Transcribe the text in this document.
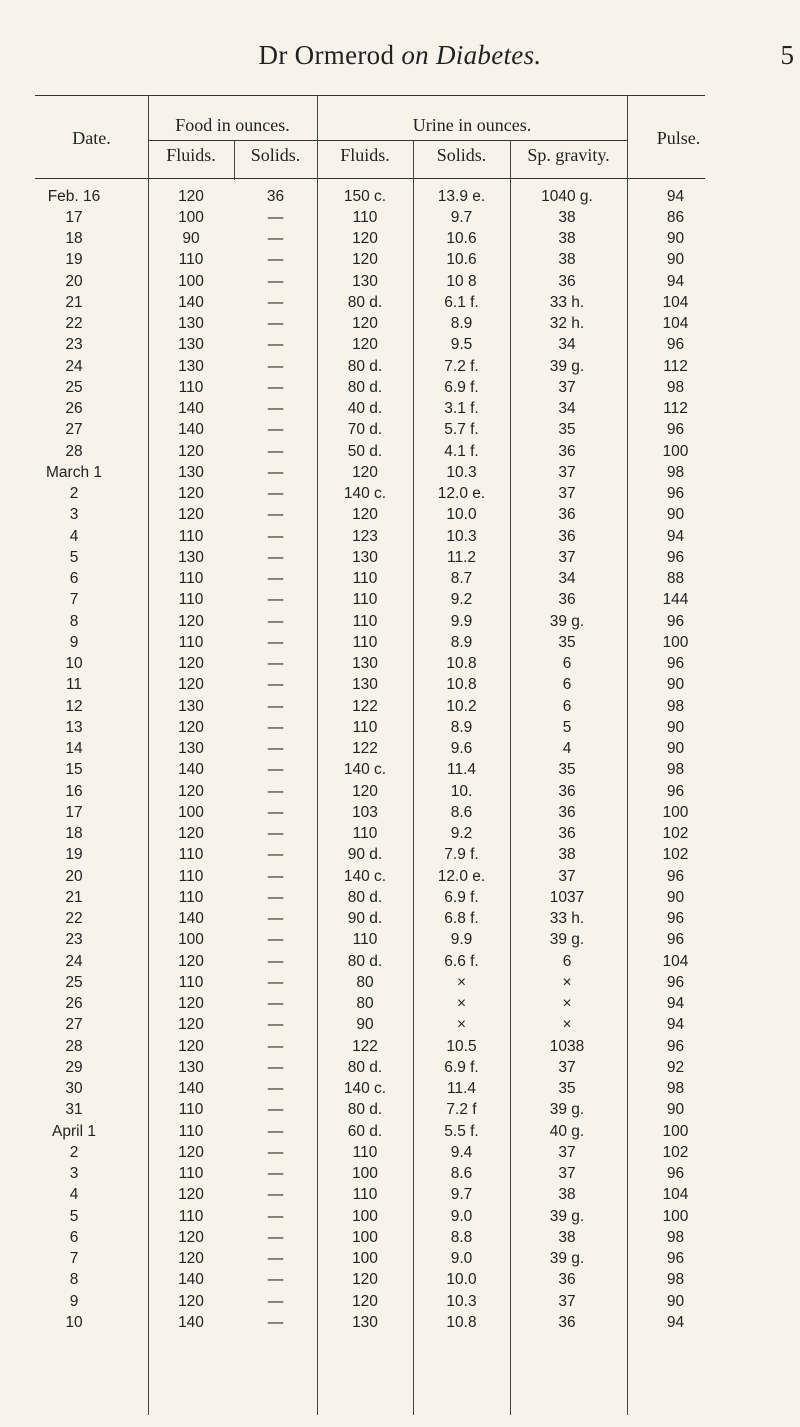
Dr Ormerod on Diabetes.	5
Date.
Food in ounces.
Fluids.	Solids.
Urine in ounces.
Fluids.	Solids.	Sp. gravity.
Pulse.
Feb. 16	120	36	150 c.	13.9 e.	1040 g.	94
17	100	—	110	9.7	38	86
18	90	—	120	10.6	38	90
19	110	—	120	10.6	38	90
20	100	—	130	10 8	36	94
21	140	—	80 d.	6.1 f.	33 h.	104
22	130	—	120	8.9	32 h.	104
23	130	—	120	9.5	34	96
24	130	—	80 d.	7.2 f.	39 g.	112
25	110	—	80 d.	6.9 f.	37	98
26	140	—	40 d.	3.1 f.	34	112
27	140	—	70 d.	5.7 f.	35	96
28	120	—	50 d.	4.1 f.	36	100
March 1	130	—	120	10.3	37	98
2	120	—	140 c.	12.0 e.	37	96
3	120	—	120	10.0	36	90
4	110	—	123	10.3	36	94
5	130	—	130	11.2	37	96
6	110	—	110	8.7	34	88
7	110	—	110	9.2	36	144
8	120	—	110	9.9	39 g.	96
9	110	—	110	8.9	35	100
10	120	—	130	10.8	6	96
11	120	—	130	10.8	6	90
12	130	—	122	10.2	6	98
13	120	—	110	8.9	5	90
14	130	—	122	9.6	4	90
15	140	—	140 c.	11.4	35	98
16	120	—	120	10.	36	96
17	100	—	103	8.6	36	100
18	120	—	110	9.2	36	102
19	110	—	90 d.	7.9 f.	38	102
20	110	—	140 c.	12.0 e.	37	96
21	110	—	80 d.	6.9 f.	1037	90
22	140	—	90 d.	6.8 f.	33 h.	96
23	100	—	110	9.9	39 g.	96
24	120	—	80 d.	6.6 f.	6	104
25	110	—	80	×	×	96
26	120	—	80	×	×	94
27	120	—	90	×	×	94
28	120	—	122	10.5	1038	96
29	130	—	80 d.	6.9 f.	37	92
30	140	—	140 c.	11.4	35	98
31	110	—	80 d.	7.2 f	39 g.	90
April 1	110	—	60 d.	5.5 f.	40 g.	100
2	120	—	110	9.4	37	102
3	110	—	100	8.6	37	96
4	120	—	110	9.7	38	104
5	110	—	100	9.0	39 g.	100
6	120	—	100	8.8	38	98
7	120	—	100	9.0	39 g.	96
8	140	—	120	10.0	36	98
9	120	—	120	10.3	37	90
10	140	—	130	10.8	36	94
